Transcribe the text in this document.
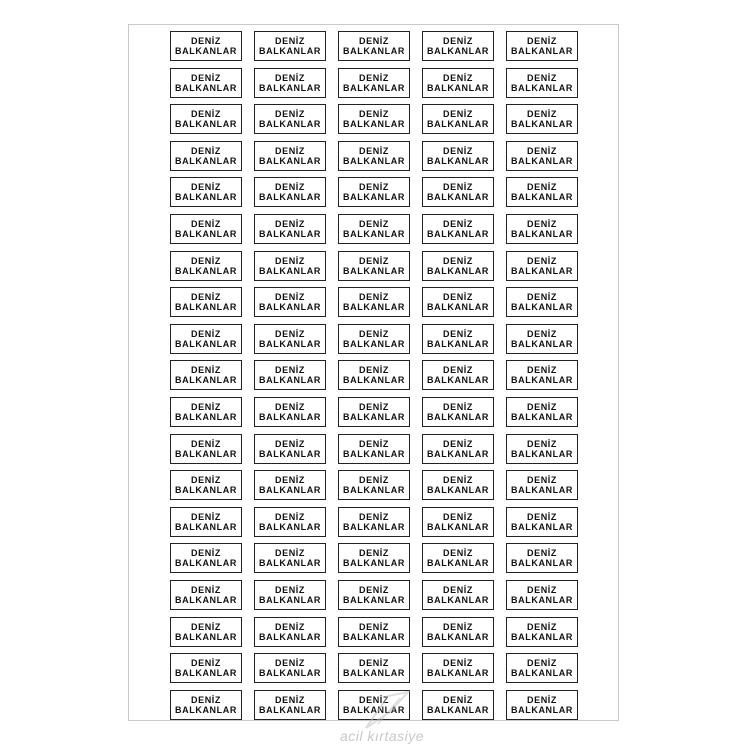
DENİZ
BALKANLAR
DENİZ
BALKANLAR
DENİZ
BALKANLAR
DENİZ
BALKANLAR
DENİZ
BALKANLAR
DENİZ
BALKANLAR
DENİZ
BALKANLAR
DENİZ
BALKANLAR
DENİZ
BALKANLAR
DENİZ
BALKANLAR
DENİZ
BALKANLAR
DENİZ
BALKANLAR
DENİZ
BALKANLAR
DENİZ
BALKANLAR
DENİZ
BALKANLAR
DENİZ
BALKANLAR
DENİZ
BALKANLAR
DENİZ
BALKANLAR
DENİZ
BALKANLAR
DENİZ
BALKANLAR
DENİZ
BALKANLAR
DENİZ
BALKANLAR
DENİZ
BALKANLAR
DENİZ
BALKANLAR
DENİZ
BALKANLAR
DENİZ
BALKANLAR
DENİZ
BALKANLAR
DENİZ
BALKANLAR
DENİZ
BALKANLAR
DENİZ
BALKANLAR
DENİZ
BALKANLAR
DENİZ
BALKANLAR
DENİZ
BALKANLAR
DENİZ
BALKANLAR
DENİZ
BALKANLAR
DENİZ
BALKANLAR
DENİZ
BALKANLAR
DENİZ
BALKANLAR
DENİZ
BALKANLAR
DENİZ
BALKANLAR
DENİZ
BALKANLAR
DENİZ
BALKANLAR
DENİZ
BALKANLAR
DENİZ
BALKANLAR
DENİZ
BALKANLAR
DENİZ
BALKANLAR
DENİZ
BALKANLAR
DENİZ
BALKANLAR
DENİZ
BALKANLAR
DENİZ
BALKANLAR
DENİZ
BALKANLAR
DENİZ
BALKANLAR
DENİZ
BALKANLAR
DENİZ
BALKANLAR
DENİZ
BALKANLAR
DENİZ
BALKANLAR
DENİZ
BALKANLAR
DENİZ
BALKANLAR
DENİZ
BALKANLAR
DENİZ
BALKANLAR
DENİZ
BALKANLAR
DENİZ
BALKANLAR
DENİZ
BALKANLAR
DENİZ
BALKANLAR
DENİZ
BALKANLAR
DENİZ
BALKANLAR
DENİZ
BALKANLAR
DENİZ
BALKANLAR
DENİZ
BALKANLAR
DENİZ
BALKANLAR
DENİZ
BALKANLAR
DENİZ
BALKANLAR
DENİZ
BALKANLAR
DENİZ
BALKANLAR
DENİZ
BALKANLAR
DENİZ
BALKANLAR
DENİZ
BALKANLAR
DENİZ
BALKANLAR
DENİZ
BALKANLAR
DENİZ
BALKANLAR
DENİZ
BALKANLAR
DENİZ
BALKANLAR
DENİZ
BALKANLAR
DENİZ
BALKANLAR
DENİZ
BALKANLAR
DENİZ
BALKANLAR
DENİZ
BALKANLAR
DENİZ
BALKANLAR
DENİZ
BALKANLAR
DENİZ
BALKANLAR
DENİZ
BALKANLAR
DENİZ
BALKANLAR
DENİZ
BALKANLAR
DENİZ
BALKANLAR
DENİZ
BALKANLAR
acil kırtasiye
